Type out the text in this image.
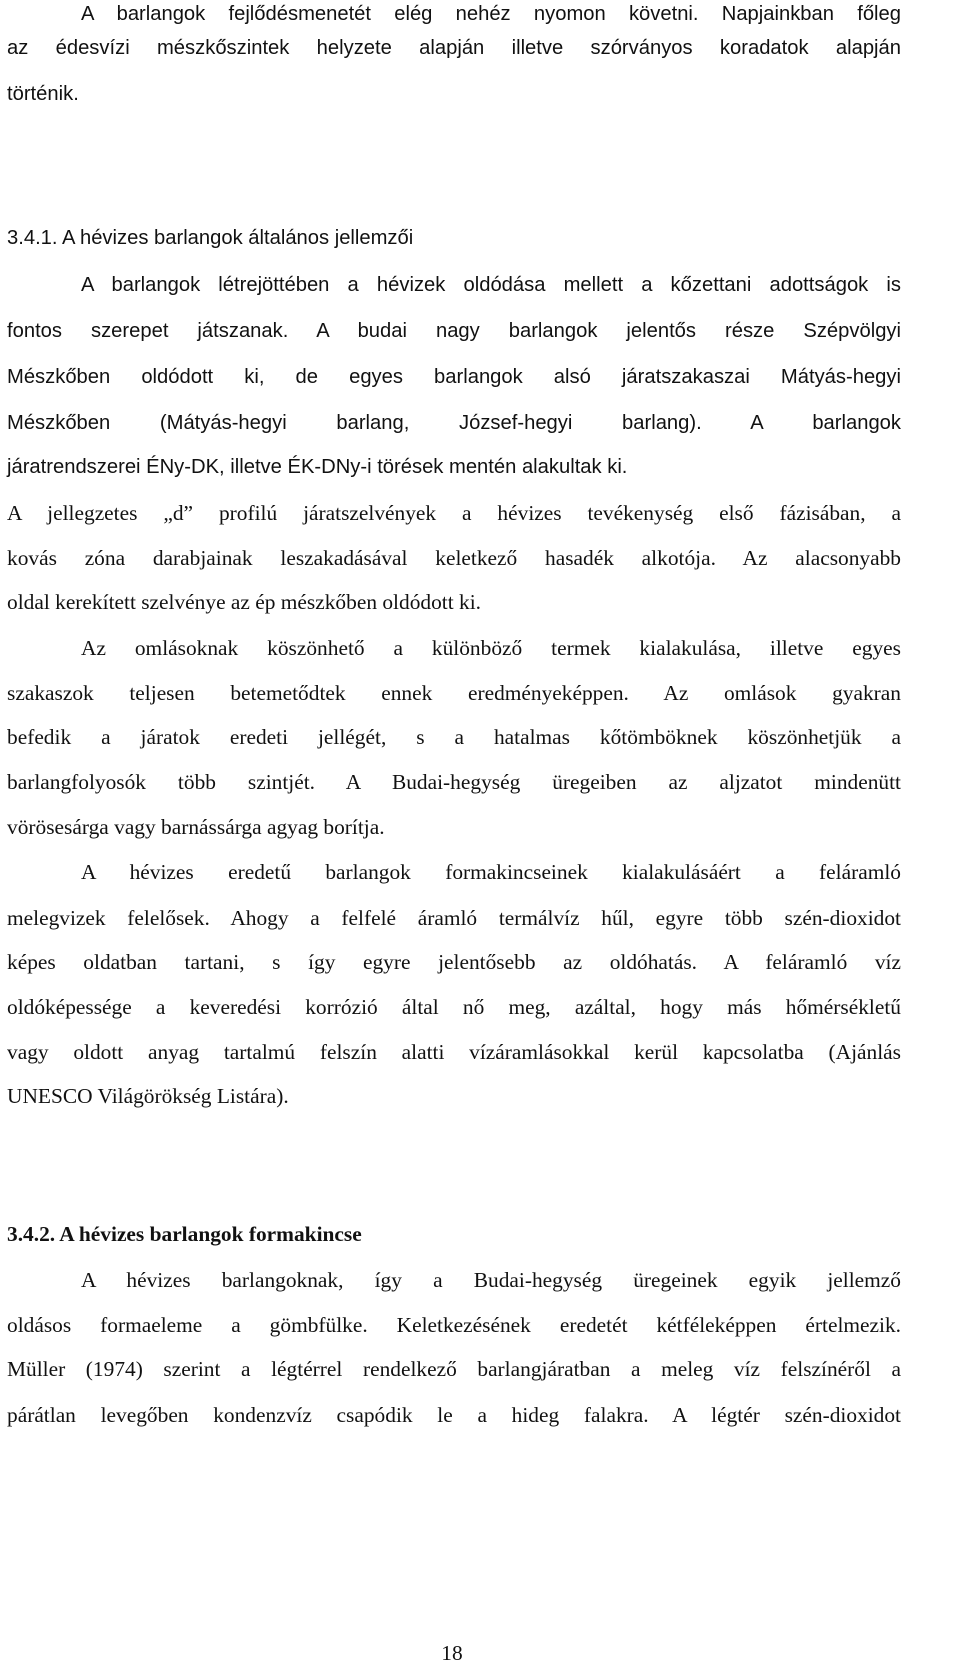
A barlangok fejlődésmenetét elég nehéz nyomon követni. Napjainkban főleg
az édesvízi mészkőszintek helyzete alapján illetve szórványos koradatok alapján
történik.
3.4.1. A hévizes barlangok általános jellemzői
A barlangok létrejöttében a hévizek oldódása mellett a kőzettani adottságok is
fontos szerepet játszanak. A budai nagy barlangok jelentős része Szépvölgyi
Mészkőben oldódott ki, de egyes barlangok alsó járatszakaszai Mátyás-hegyi
Mészkőben (Mátyás-hegyi barlang, József-hegyi barlang). A barlangok
járatrendszerei ÉNy-DK, illetve ÉK-DNy-i törések mentén alakultak ki.
A jellegzetes „d” profilú járatszelvények a hévizes tevékenység első fázisában, a
kovás zóna darabjainak leszakadásával keletkező hasadék alkotója. Az alacsonyabb
oldal kerekített szelvénye az ép mészkőben oldódott ki.
Az omlásoknak köszönhető a különböző termek kialakulása, illetve egyes
szakaszok teljesen betemetődtek ennek eredményeképpen. Az omlások gyakran
befedik a járatok eredeti jellégét, s a hatalmas kőtömböknek köszönhetjük a
barlangfolyosók több szintjét. A Budai-hegység üregeiben az aljzatot mindenütt
vörösesárga vagy barnássárga agyag borítja.
A hévizes eredetű barlangok formakincseinek kialakulásáért a feláramló
melegvizek felelősek. Ahogy a felfelé áramló termálvíz hűl, egyre több szén-dioxidot
képes oldatban tartani, s így egyre jelentősebb az oldóhatás. A feláramló víz
oldóképessége a keveredési korrózió által nő meg, azáltal, hogy más hőmérsékletű
vagy oldott anyag tartalmú felszín alatti vízáramlásokkal kerül kapcsolatba (Ajánlás
UNESCO Világörökség Listára).
3.4.2. A hévizes barlangok formakincse
A hévizes barlangoknak, így a Budai-hegység üregeinek egyik jellemző
oldásos formaeleme a gömbfülke. Keletkezésének eredetét kétféleképpen értelmezik.
Müller (1974) szerint a légtérrel rendelkező barlangjáratban a meleg víz felszínéről a
párátlan levegőben kondenzvíz csapódik le a hideg falakra. A légtér szén-dioxidot
18
